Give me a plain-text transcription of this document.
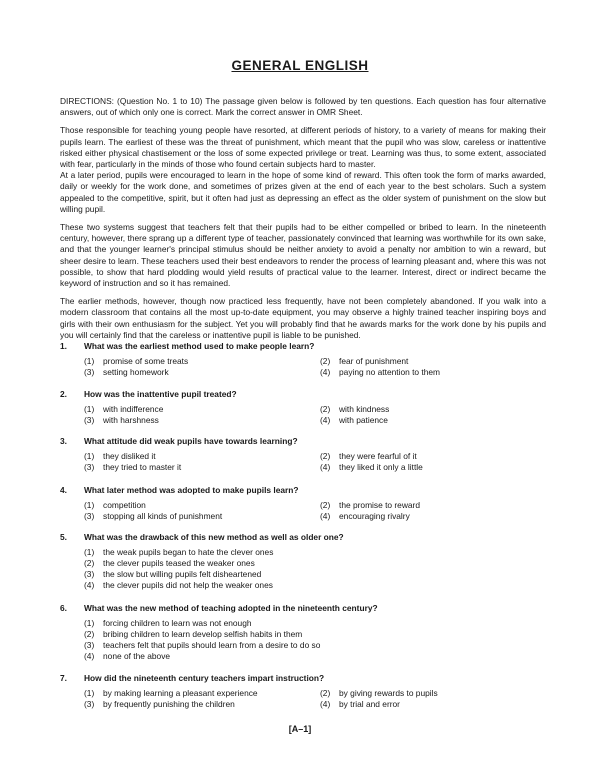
GENERAL ENGLISH

DIRECTIONS: (Question No. 1 to 10) The passage given below is followed by ten questions. Each question has four alternative answers, out of which only one is correct. Mark the correct answer in OMR Sheet.

Those responsible for teaching young people have resorted, at different periods of history, to a variety of means for making their pupils learn. The earliest of these was the threat of punishment, which meant that the pupil who was slow, careless or inattentive risked either physical chastisement or the loss of some expected privilege or treat. Learning was thus, to some extent, associated with fear, particularly in the minds of those who found certain subjects hard to master.

At a later period, pupils were encouraged to learn in the hope of some kind of reward. This often took the form of marks awarded, daily or weekly for the work done, and sometimes of prizes given at the end of each year to the best scholars. Such a system appealed to the competitive, spirit, but it often had just as depressing an effect as the older system of punishment on the slow but willing pupil.

These two systems suggest that teachers felt that their pupils had to be either compelled or bribed to learn. In the nineteenth century, however, there sprang up a different type of teacher, passionately convinced that learning was worthwhile for its own sake, and that the younger learner's principal stimulus should be neither anxiety to avoid a penalty nor ambition to win a reward, but sheer desire to learn. These teachers used their best endeavors to render the process of learning pleasant and, where this was not possible, to show that hard plodding would yield results of practical value to the learner. Interest, direct or indirect became the keyword of instruction and so it has remained.

The earlier methods, however, though now practiced less frequently, have not been completely abandoned. If you walk into a modern classroom that contains all the most up-to-date equipment, you may observe a highly trained teacher inspiring boys and girls with their own enthusiasm for the subject. Yet you will probably find that he awards marks for the work done by his pupils and you will certainly find that the careless or inattentive pupil is liable to be punished.

1.	What was the earliest method used to make people learn?
(1)	promise of some treats	(2)	fear of punishment
(3)	setting homework	(4)	paying no attention to them
2.	How was the inattentive pupil treated?
(1)	with indifference	(2)	with kindness
(3)	with harshness	(4)	with patience
3.	What attitude did weak pupils have towards learning?
(1)	they disliked it	(2)	they were fearful of it
(3)	they tried to master it	(4)	they liked it only a little
4.	What later method was adopted to make pupils learn?
(1)	competition	(2)	the promise to reward
(3)	stopping all kinds of punishment	(4)	encouraging rivalry
5.	What was the drawback of this new method as well as older one?
(1)	the weak pupils began to hate the clever ones
(2)	the clever pupils teased the weaker ones
(3)	the slow but willing pupils felt disheartened
(4)	the clever pupils did not help the weaker ones
6.	What was the new method of teaching adopted in the nineteenth century?
(1)	forcing children to learn was not enough
(2)	bribing children to learn develop selfish habits in them
(3)	teachers felt that pupils should learn from a desire to do so
(4)	none of the above
7.	How did the nineteenth century teachers impart instruction?
(1)	by making learning a pleasant experience	(2)	by giving rewards to pupils
(3)	by frequently punishing the children	(4)	by trial and error
[A–1]
